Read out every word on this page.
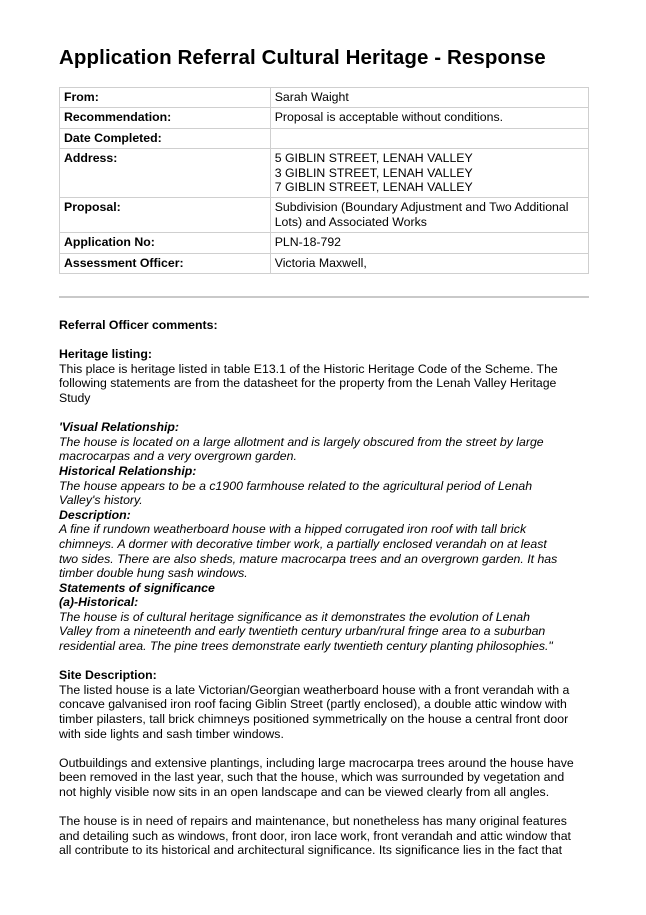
Application Referral Cultural Heritage - Response
From:	Sarah Waight

Recommendation:	Proposal is acceptable without conditions.

Date Completed:	

Address:	5 GIBLIN STREET, LENAH VALLEY
3 GIBLIN STREET, LENAH VALLEY
7 GIBLIN STREET, LENAH VALLEY

Proposal:	Subdivision (Boundary Adjustment and Two Additional
Lots) and Associated Works

Application No:	PLN-18-792

Assessment Officer:	Victoria Maxwell,

Referral Officer comments:

Heritage listing:

This place is heritage listed in table E13.1 of the Historic Heritage Code of the Scheme. The

following statements are from the datasheet for the property from the Lenah Valley Heritage

Study

'Visual Relationship:

The house is located on a large allotment and is largely obscured from the street by large

macrocarpas and a very overgrown garden.

Historical Relationship:

The house appears to be a c1900 farmhouse related to the agricultural period of Lenah

Valley's history.

Description:

A fine if rundown weatherboard house with a hipped corrugated iron roof with tall brick

chimneys. A dormer with decorative timber work, a partially enclosed verandah on at least

two sides. There are also sheds, mature macrocarpa trees and an overgrown garden. It has

timber double hung sash windows.

Statements of significance

(a)-Historical:

The house is of cultural heritage significance as it demonstrates the evolution of Lenah

Valley from a nineteenth and early twentieth century urban/rural fringe area to a suburban

residential area. The pine trees demonstrate early twentieth century planting philosophies."

Site Description:

The listed house is a late Victorian/Georgian weatherboard house with a front verandah with a

concave galvanised iron roof facing Giblin Street (partly enclosed), a double attic window with

timber pilasters, tall brick chimneys positioned symmetrically on the house a central front door

with side lights and sash timber windows.

Outbuildings and extensive plantings, including large macrocarpa trees around the house have

been removed in the last year, such that the house, which was surrounded by vegetation and

not highly visible now sits in an open landscape and can be viewed clearly from all angles.

The house is in need of repairs and maintenance, but nonetheless has many original features

and detailing such as windows, front door, iron lace work, front verandah and attic window that

all contribute to its historical and architectural significance. Its significance lies in the fact that
